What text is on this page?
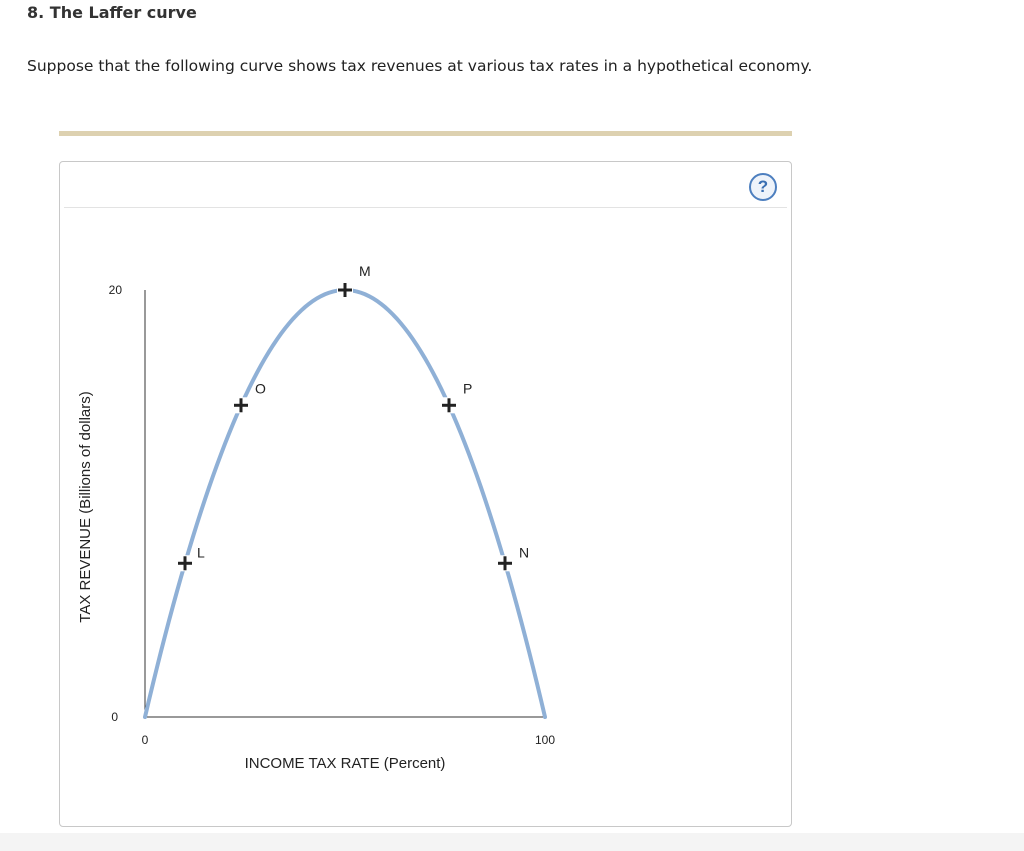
8. The Laffer curve

Suppose that the following curve shows tax revenues at various tax rates in a hypothetical economy.

20
0
0	100
INCOME TAX RATE (Percent)
TAX REVENUE (Billions of dollars)	L
O
M
P
N
?
